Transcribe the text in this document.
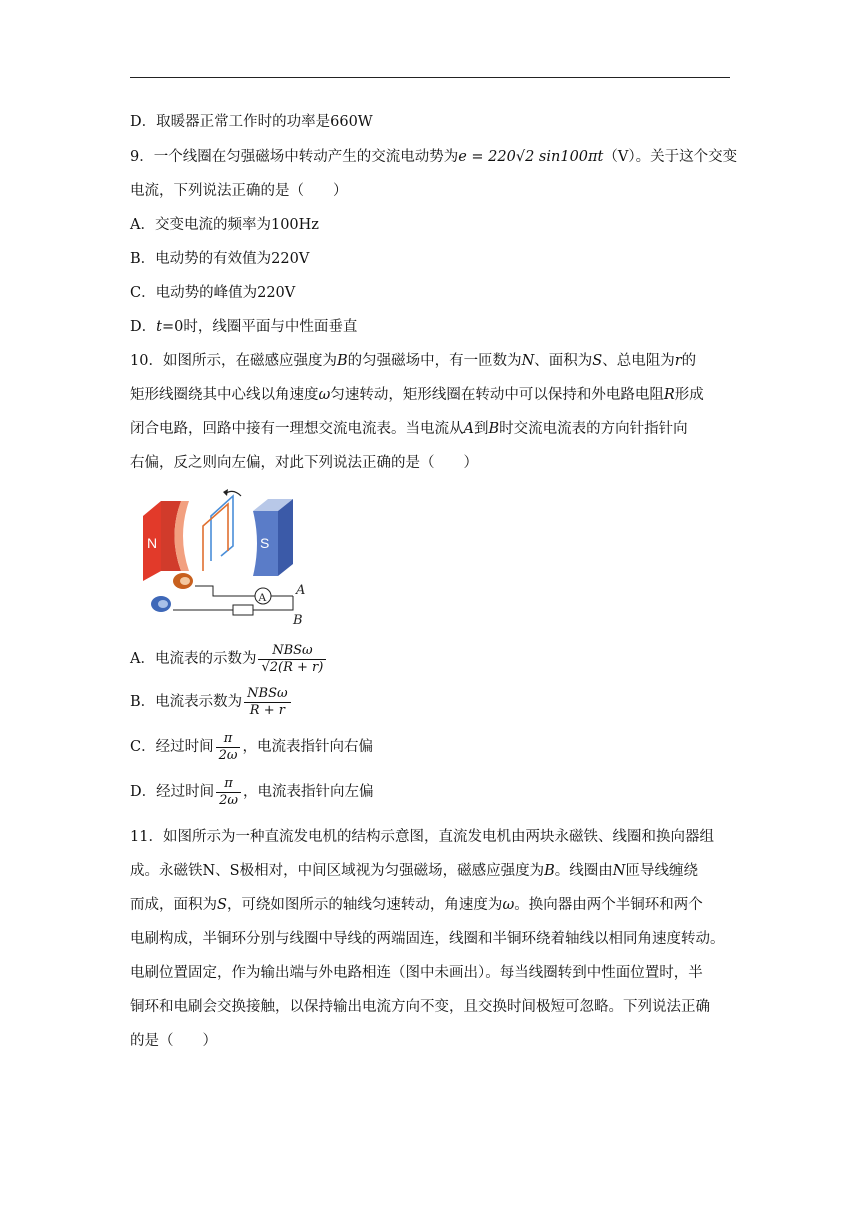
D．取暖器正常工作时的功率是660W
9．一个线圈在匀强磁场中转动产生的交流电动势为e = 220√2 sin100πt（V）。关于这个交变
电流，下列说法正确的是（　　）
A．交变电流的频率为100Hz
B．电动势的有效值为220V
C．电动势的峰值为220V
D．t=0时，线圈平面与中性面垂直
10．如图所示，在磁感应强度为B的匀强磁场中，有一匝数为N、面积为S、总电阻为r的
矩形线圈绕其中心线以角速度ω匀速转动，矩形线圈在转动中可以保持和外电路电阻R形成
闭合电路，回路中接有一理想交流电流表。当电流从A到B时交流电流表的方向针指针向
右偏，反之则向左偏，对此下列说法正确的是（　　）
N	S
A A
B
A．电流表的示数为 $\frac{\text{NBSω}}{√2(R + r)}$
B．电流表示数为 $\frac{\text{NBSω}}{R + r}$
C．经过时间 $\frac{\pi}{2\omega}$ ，电流表指针向右偏
D．经过时间 $\frac{\pi}{2\omega}$ ，电流表指针向左偏
11．如图所示为一种直流发电机的结构示意图，直流发电机由两块永磁铁、线圈和换向器组
成。永磁铁N、S极相对，中间区域视为匀强磁场，磁感应强度为B。线圈由N匝导线缠绕
而成，面积为S，可绕如图所示的轴线匀速转动，角速度为ω。换向器由两个半铜环和两个
电刷构成，半铜环分别与线圈中导线的两端固连，线圈和半铜环绕着轴线以相同角速度转动。
电刷位置固定，作为输出端与外电路相连（图中未画出）。每当线圈转到中性面位置时，半
铜环和电刷会交换接触，以保持输出电流方向不变，且交换时间极短可忽略。下列说法正确
的是（　　）
